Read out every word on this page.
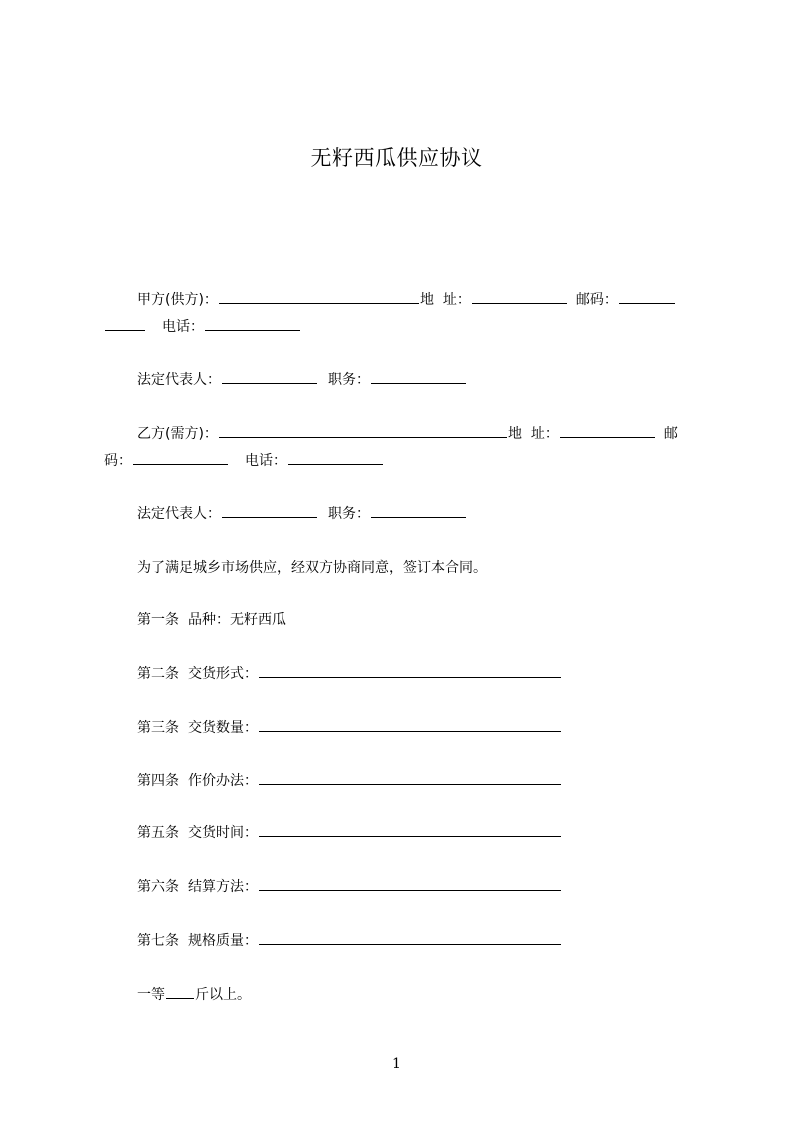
无籽西瓜供应协议
甲方(供方)：	地  址：	邮码：
电话：
法定代表人：	职务：
乙方(需方)：	地  址：	邮
码：	电话：
法定代表人：	职务：
为了满足城乡市场供应，经双方协商同意，签订本合同。
第一条 品种：无籽西瓜
第二条 交货形式：
第三条 交货数量：
第四条 作价办法：
第五条 交货时间：
第六条 结算方法：
第七条 规格质量：
一等 斤以上。
1
